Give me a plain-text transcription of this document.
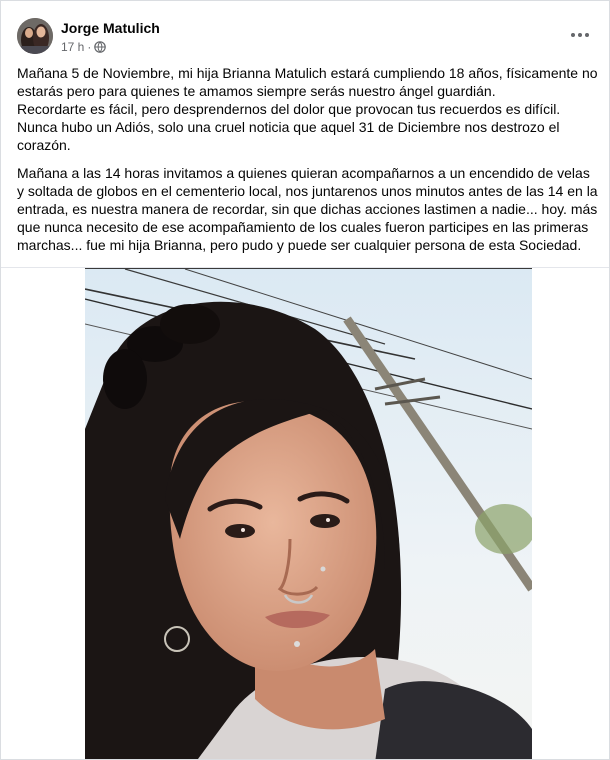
Jorge Matulich
17 h ·

Mañana 5 de Noviembre, mi hija Brianna Matulich estará cumpliendo 18 años, físicamente no estarás pero para quienes te amamos siempre serás nuestro ángel guardián.
Recordarte es fácil, pero desprendernos del dolor que provocan tus recuerdos es difícil.
Nunca hubo un Adiós, solo una cruel noticia que aquel 31 de Diciembre nos destrozo el corazón.

Mañana a las 14 horas invitamos a quienes quieran acompañarnos a un encendido de velas y soltada de globos en el cementerio local, nos juntarenos unos minutos antes de las 14 en la entrada, es nuestra manera de recordar, sin que dichas acciones lastimen a nadie... hoy. más que nunca necesito de ese acompañamiento de los cuales fueron participes en las primeras marchas... fue mi hija Brianna, pero pudo y puede ser cualquier persona de esta Sociedad.
